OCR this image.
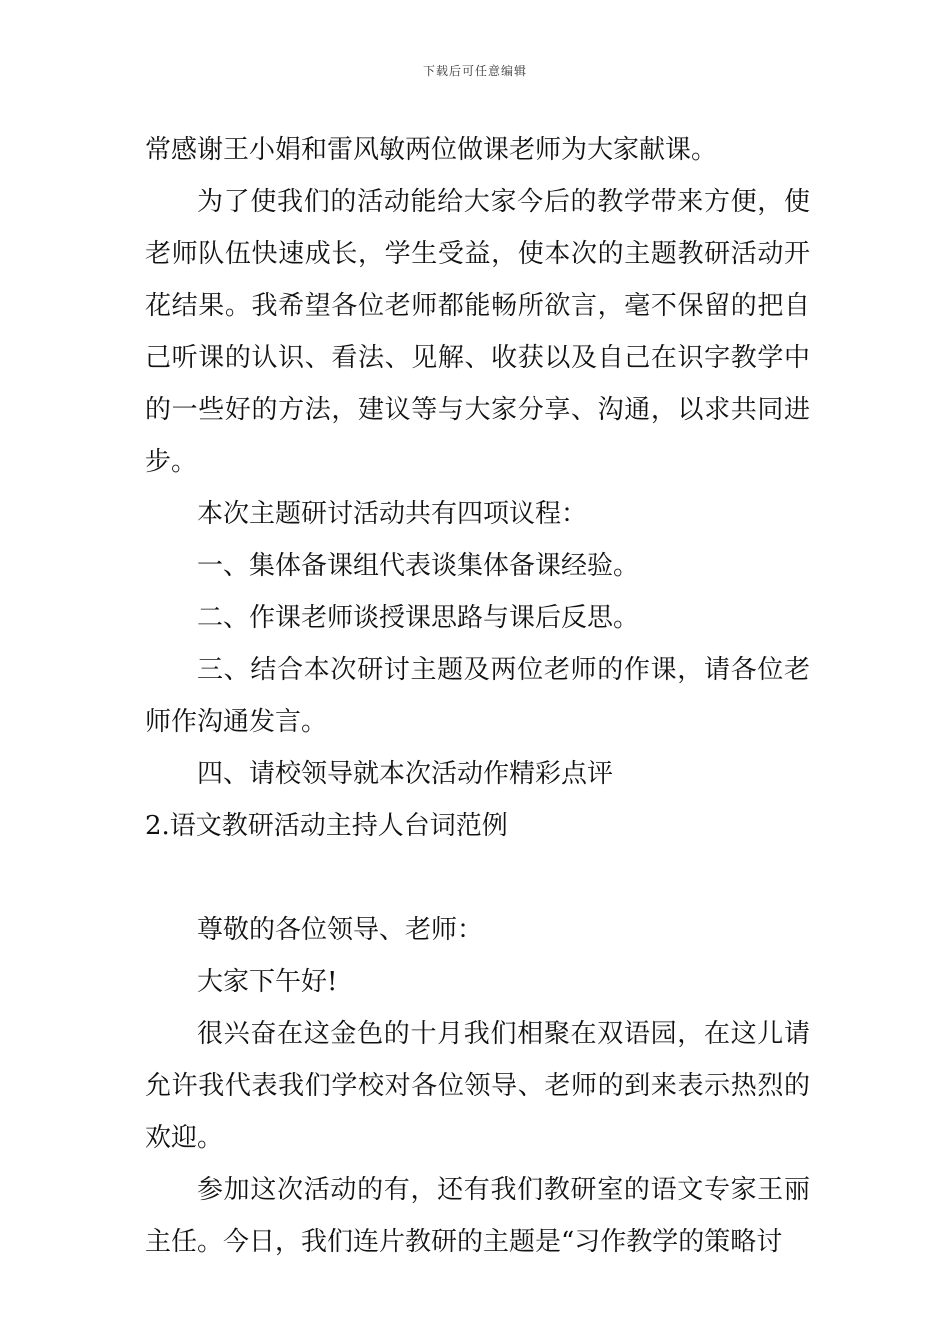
下载后可任意编辑

常感谢王小娟和雷风敏两位做课老师为大家献课。

为了使我们的活动能给大家今后的教学带来方便，使老师队伍快速成长，学生受益，使本次的主题教研活动开花结果。我希望各位老师都能畅所欲言，毫不保留的把自己听课的认识、看法、见解、收获以及自己在识字教学中的一些好的方法，建议等与大家分享、沟通，以求共同进步。

本次主题研讨活动共有四项议程：

一、集体备课组代表谈集体备课经验。

二、作课老师谈授课思路与课后反思。

三、结合本次研讨主题及两位老师的作课，请各位老师作沟通发言。

四、请校领导就本次活动作精彩点评

2.语文教研活动主持人台词范例

尊敬的各位领导、老师：

大家下午好!

很兴奋在这金色的十月我们相聚在双语园，在这儿请允许我代表我们学校对各位领导、老师的到来表示热烈的欢迎。

参加这次活动的有，还有我们教研室的语文专家王丽主任。今日，我们连片教研的主题是“习作教学的策略讨
